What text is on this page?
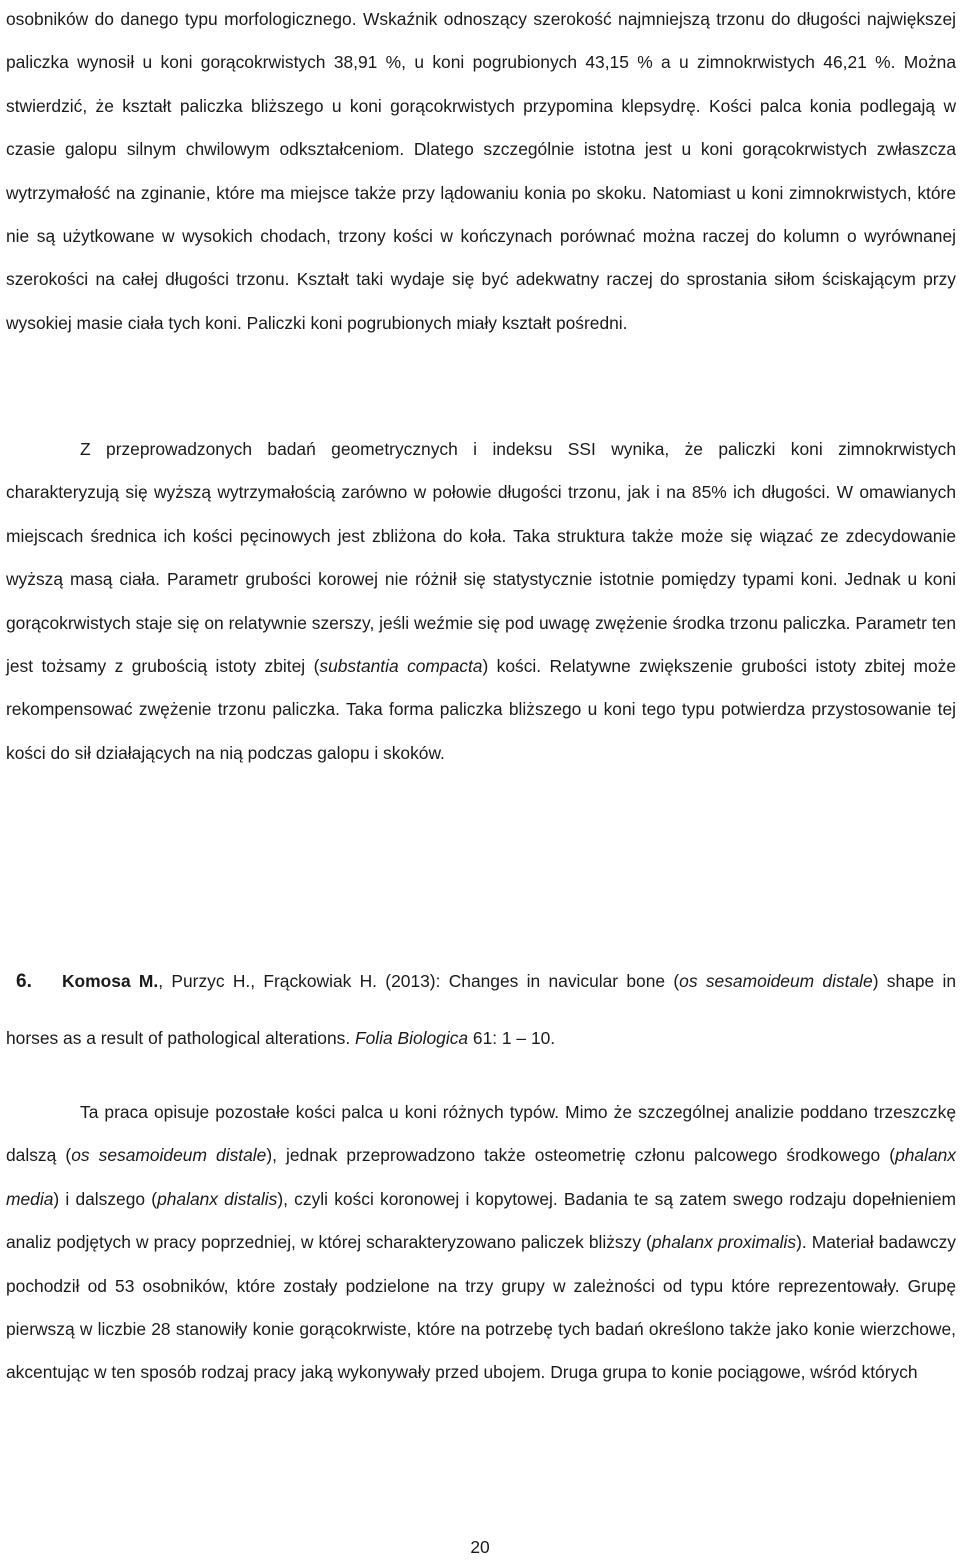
osobników do danego typu morfologicznego. Wskaźnik odnoszący szerokość najmniejszą trzonu do długości największej paliczka wynosił u koni gorącokrwistych 38,91 %, u koni pogrubionych 43,15 % a u zimnokrwistych 46,21 %. Można stwierdzić, że kształt paliczka bliższego u koni gorącokrwistych przypomina klepsydrę. Kości palca konia podlegają w czasie galopu silnym chwilowym odkształceniom. Dlatego szczególnie istotna jest u koni gorącokrwistych zwłaszcza wytrzymałość na zginanie, które ma miejsce także przy lądowaniu konia po skoku. Natomiast u koni zimnokrwistych, które nie są użytkowane w wysokich chodach, trzony kości w kończynach porównać można raczej do kolumn o wyrównanej szerokości na całej długości trzonu. Kształt taki wydaje się być adekwatny raczej do sprostania siłom ściskającym przy wysokiej masie ciała tych koni. Paliczki koni pogrubionych miały kształt pośredni.

Z przeprowadzonych badań geometrycznych i indeksu SSI wynika, że paliczki koni zimnokrwistych charakteryzują się wyższą wytrzymałością zarówno w połowie długości trzonu, jak i na 85% ich długości. W omawianych miejscach średnica ich kości pęcinowych jest zbliżona do koła. Taka struktura także może się wiązać ze zdecydowanie wyższą masą ciała. Parametr grubości korowej nie różnił się statystycznie istotnie pomiędzy typami koni. Jednak u koni gorącokrwistych staje się on relatywnie szerszy, jeśli weźmie się pod uwagę zwężenie środka trzonu paliczka. Parametr ten jest tożsamy z grubością istoty zbitej (substantia compacta) kości. Relatywne zwiększenie grubości istoty zbitej może rekompensować zwężenie trzonu paliczka. Taka forma paliczka bliższego u koni tego typu potwierdza przystosowanie tej kości do sił działających na nią podczas galopu i skoków.

6. Komosa M., Purzyc H., Frąckowiak H. (2013): Changes in navicular bone (os sesamoideum distale) shape in horses as a result of pathological alterations. Folia Biologica 61: 1 – 10.

Ta praca opisuje pozostałe kości palca u koni różnych typów. Mimo że szczególnej analizie poddano trzeszczkę dalszą (os sesamoideum distale), jednak przeprowadzono także osteometrię członu palcowego środkowego (phalanx media) i dalszego (phalanx distalis), czyli kości koronowej i kopytowej. Badania te są zatem swego rodzaju dopełnieniem analiz podjętych w pracy poprzedniej, w której scharakteryzowano paliczek bliższy (phalanx proximalis). Materiał badawczy pochodził od 53 osobników, które zostały podzielone na trzy grupy w zależności od typu które reprezentowały. Grupę pierwszą w liczbie 28 stanowiły konie gorącokrwiste, które na potrzebę tych badań określono także jako konie wierzchowe, akcentując w ten sposób rodzaj pracy jaką wykonywały przed ubojem. Druga grupa to konie pociągowe, wśród których

20
